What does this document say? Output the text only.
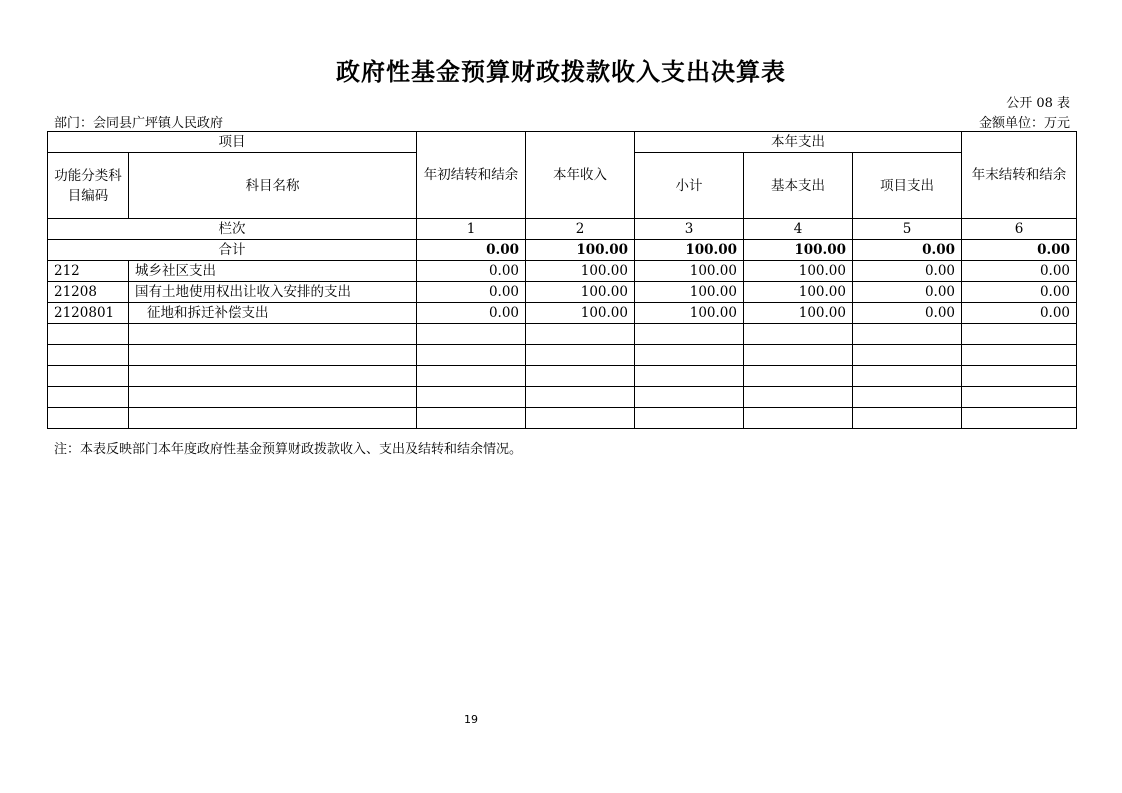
政府性基金预算财政拨款收入支出决算表
公开 08 表
部门：会同县广坪镇人民政府	金额单位：万元
项目		年初结转和结余	本年收入	本年支出			年末结转和结余
功能分类科目编码	科目名称			小计	基本支出	项目支出	
栏次		1	2	3	4	5	6
合计		0.00	100.00	100.00	100.00	0.00	0.00
212	城乡社区支出	0.00	100.00	100.00	100.00	0.00	0.00
21208	国有土地使用权出让收入安排的支出	0.00	100.00	100.00	100.00	0.00	0.00
2120801	征地和拆迁补偿支出	0.00	100.00	100.00	100.00	0.00	0.00

注：本表反映部门本年度政府性基金预算财政拨款收入、支出及结转和结余情况。
19
